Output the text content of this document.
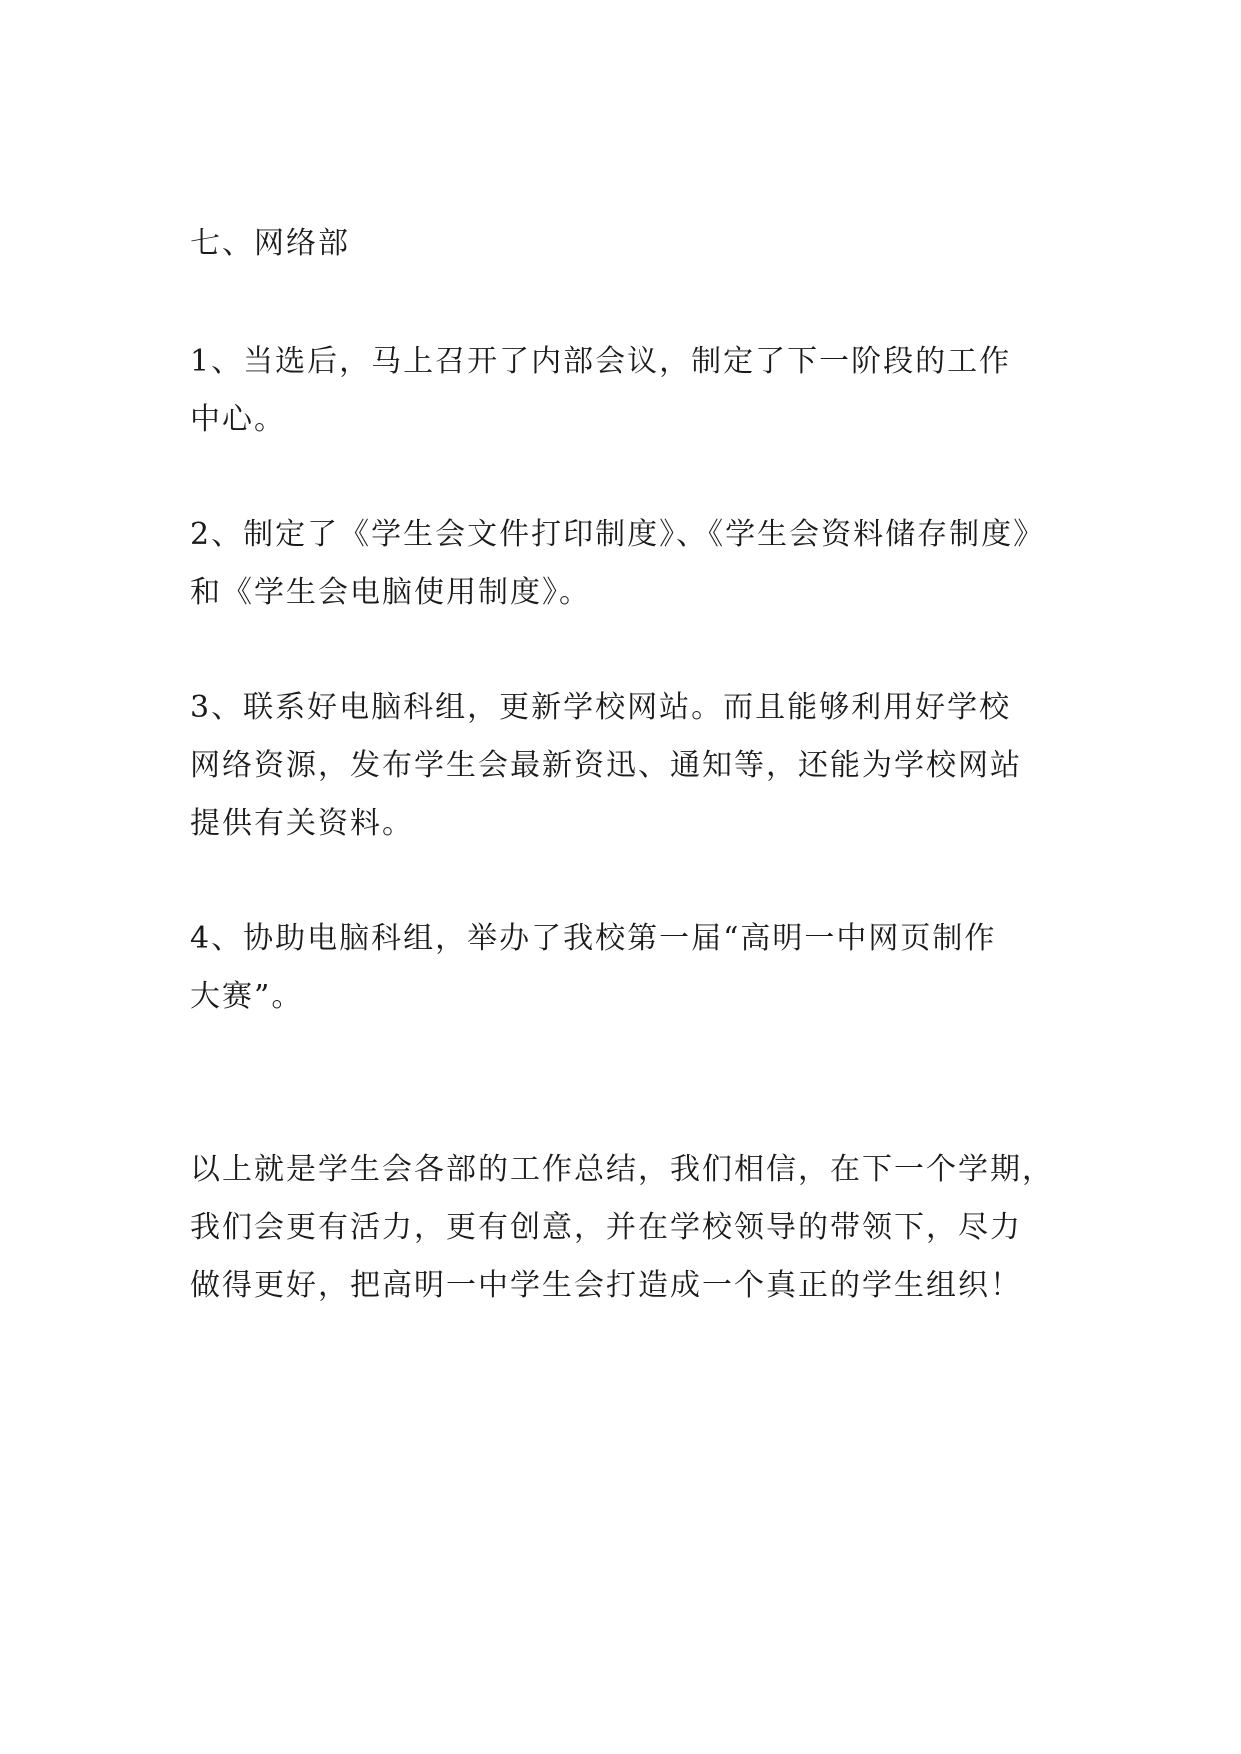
七、网络部
1、当选后，马上召开了内部会议，制定了下一阶段的工作
中心。
2、制定了《学生会文件打印制度》、《学生会资料储存制度》
和《学生会电脑使用制度》。
3、联系好电脑科组，更新学校网站。而且能够利用好学校
网络资源，发布学生会最新资迅、通知等，还能为学校网站
提供有关资料。
4、协助电脑科组，举办了我校第一届“高明一中网页制作
大赛”。
以上就是学生会各部的工作总结，我们相信，在下一个学期，
我们会更有活力，更有创意，并在学校领导的带领下，尽力
做得更好，把高明一中学生会打造成一个真正的学生组织！
